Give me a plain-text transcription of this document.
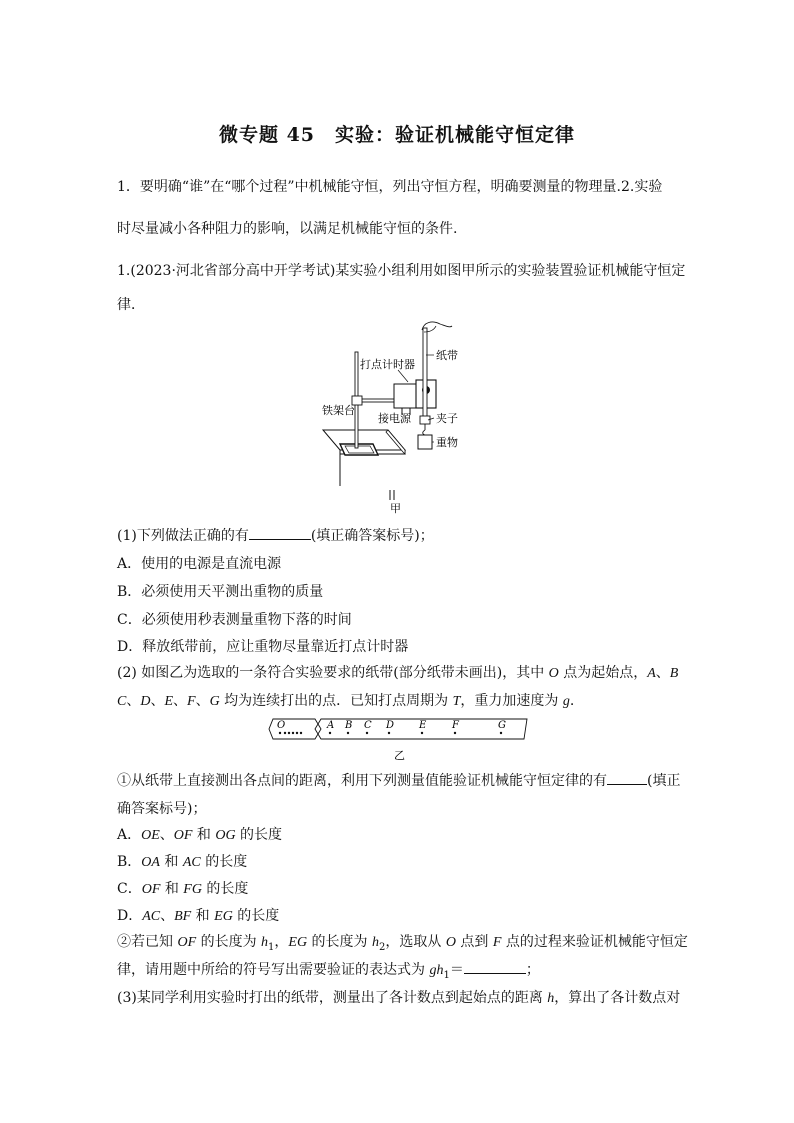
微专题 45　实验：验证机械能守恒定律
1．要明确“谁”在“哪个过程”中机械能守恒，列出守恒方程，明确要测量的物理量.2.实验
时尽量减小各种阻力的影响，以满足机械能守恒的条件.
1.(2023·河北省部分高中开学考试)某实验小组利用如图甲所示的实验装置验证机械能守恒定
律．
纸带
打点计时器
铁架台
接电源 夹子
重物
甲
(1)下列做法正确的有	(填正确答案标号)；
A．使用的电源是直流电源
B．必须使用天平测出重物的质量
C．必须使用秒表测量重物下落的时间
D．释放纸带前，应让重物尽量靠近打点计时器
(2) 如图乙为选取的一条符合实验要求的纸带(部分纸带未画出)，其中 O 点为起始点，A、B
C、D、E、F、G 均为连续打出的点．已知打点周期为 T，重力加速度为 g.
O	A B C D E	F	G
乙
①从纸带上直接测出各点间的距离，利用下列测量值能验证机械能守恒定律的有	(填正
确答案标号)；
A．OE、OF 和 OG 的长度
B．OA 和 AC 的长度
C．OF 和 FG 的长度
D．AC、BF 和 EG 的长度
②若已知 OF 的长度为 $h_1$，EG 的长度为 $h_2$，选取从 O 点到 F 点的过程来验证机械能守恒定
律，请用题中所给的符号写出需要验证的表达式为 $gh_1=$	；
(3)某同学利用实验时打出的纸带，测量出了各计数点到起始点的距离 h，算出了各计数点对
